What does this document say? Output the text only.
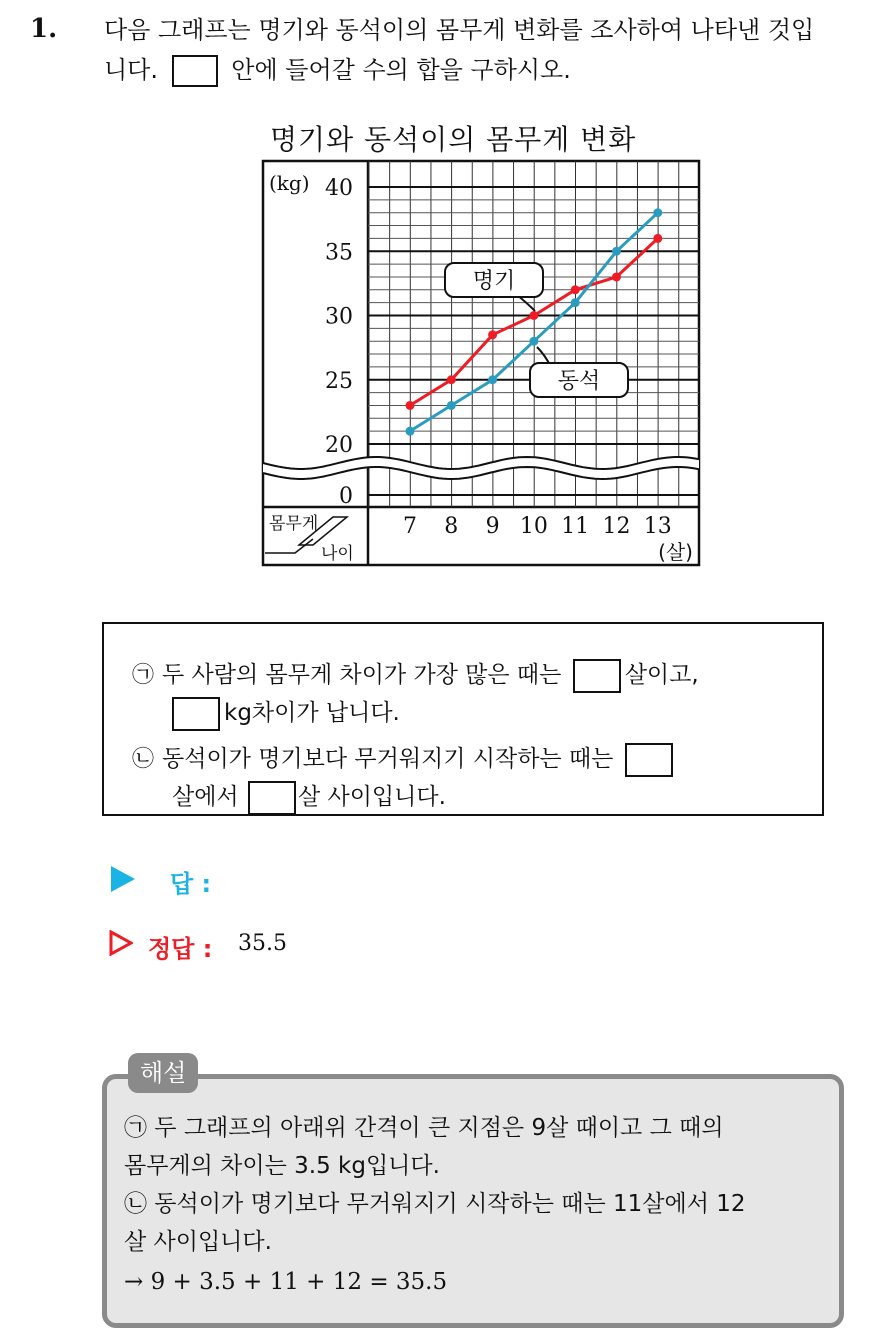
1. 다음 그래프는 명기와 동석이의 몸무게 변화를 조사하여 나타낸 것입
니다.	안에 들어갈 수의 합을 구하시오.
명기와 동석이의 몸무게 변화
명기
동석
0
20
25
30
35
40
(kg)
7 8 9 10 11 12 13
(살)
몸무게
나이
㉠ 두 사람의 몸무게 차이가 가장 많은 때는	살이고,
kg차이가 납니다.
㉡ 동석이가 명기보다 무거워지기 시작하는 때는
살에서	살 사이입니다.
답 :
정답 : 35.5
해설
㉠ 두 그래프의 아래위 간격이 큰 지점은 9살 때이고 그 때의
몸무게의 차이는 3.5 kg입니다.
㉡ 동석이가 명기보다 무거워지기 시작하는 때는 11살에서 12
살 사이입니다.
→ 9 + 3.5 + 11 + 12 = 35.5
